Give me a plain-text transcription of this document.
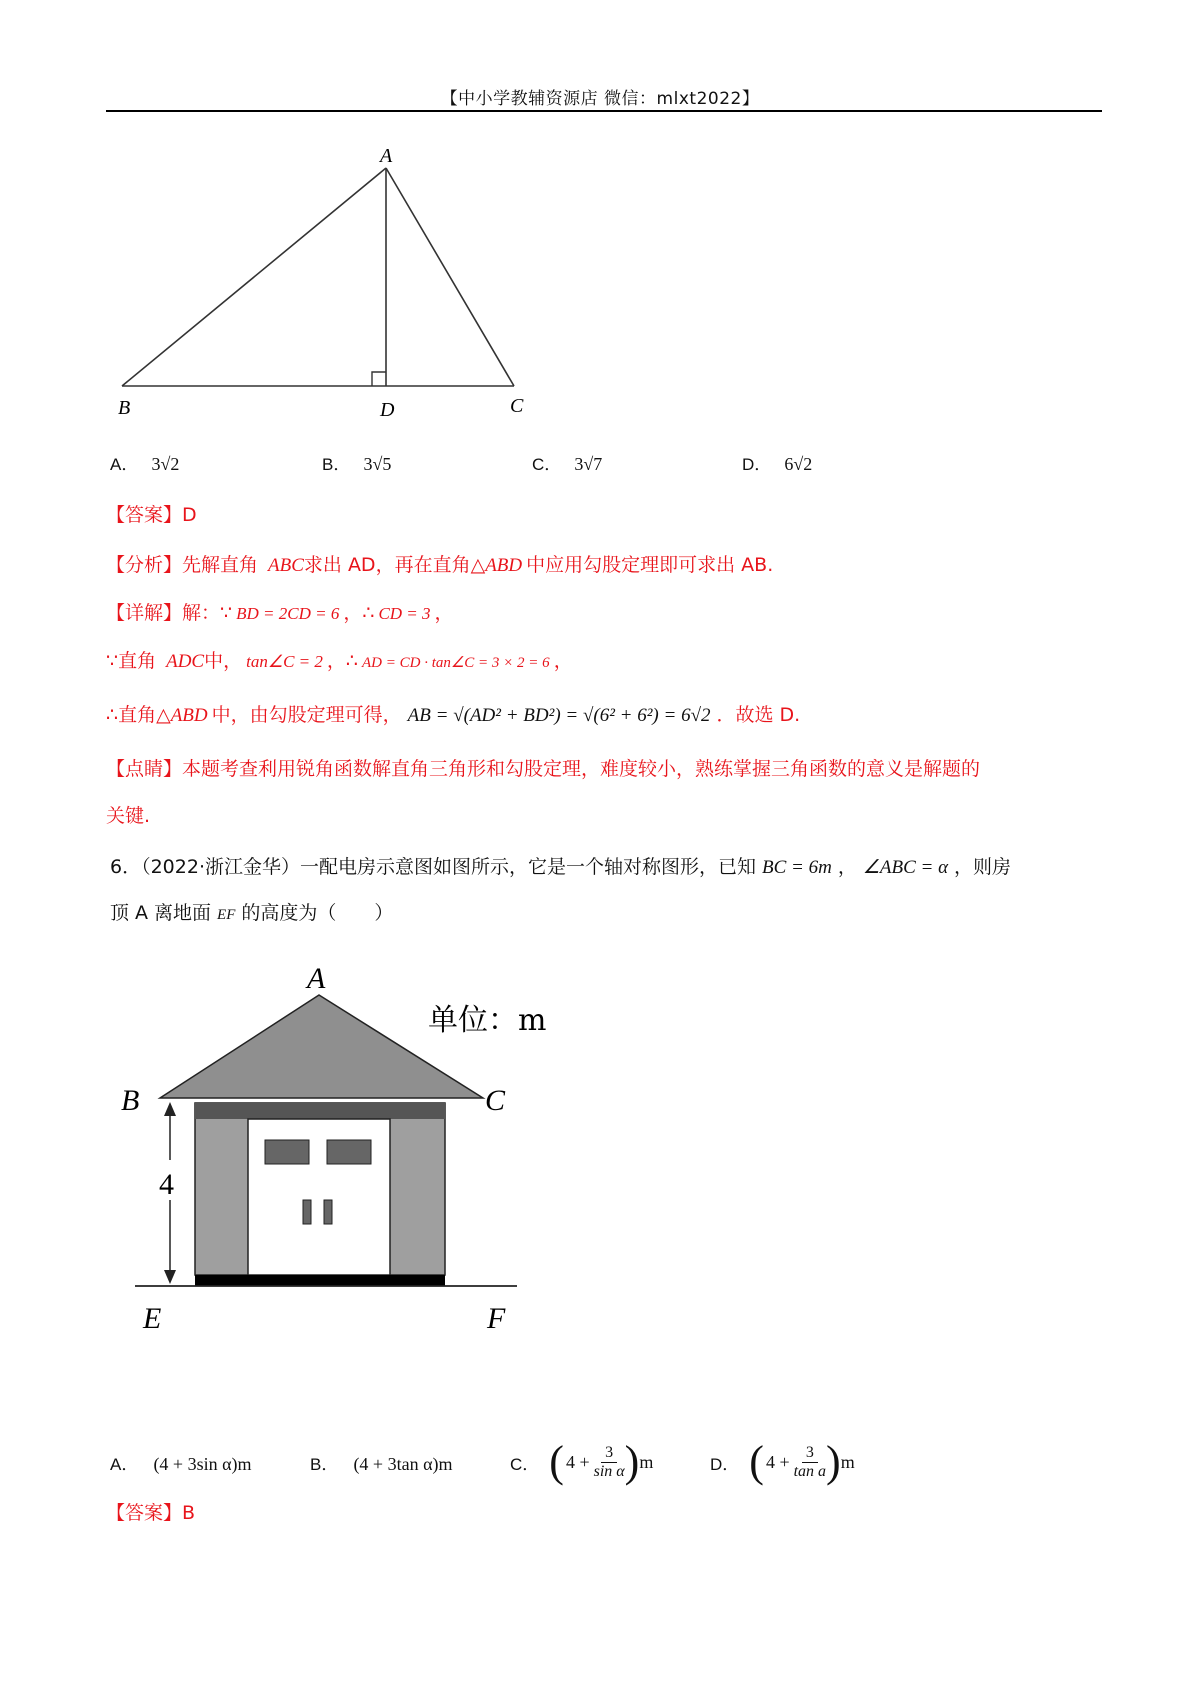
【中小学教辅资源店 微信：mlxt2022】
A
B	D	C
A． 3√2	B． 3√5	C． 3√7	D． 6√2
【答案】D
【分析】先解直角 ABC求出 AD，再在直角△ABD 中应用勾股定理即可求出 AB.
【详解】解：∵ BD = 2CD = 6 ，∴ CD = 3 ，
∵直角 ADC中， tan∠C = 2 ，∴ AD = CD · tan∠C = 3 × 2 = 6 ，
∴直角△ABD 中，由勾股定理可得， AB = √(AD² + BD²) = √(6² + 6²) = 6√2 ．故选 D.
【点睛】本题考查利用锐角函数解直角三角形和勾股定理，难度较小，熟练掌握三角函数的意义是解题的
关键.
6．（2022·浙江金华）一配电房示意图如图所示，它是一个轴对称图形，已知 BC = 6m ， ∠ABC = α ，则房
顶 A 离地面 EF 的高度为（　　）
4
A
B	C
E	F
单位：m
A． (4 + 3sin α)m	B． (4 + 3tan α)m	C． ( $4 + \frac{3}{\text{sin α}}$ ) m	D． ( $4 + \frac{3}{\text{tan a}}$ ) m
【答案】B
